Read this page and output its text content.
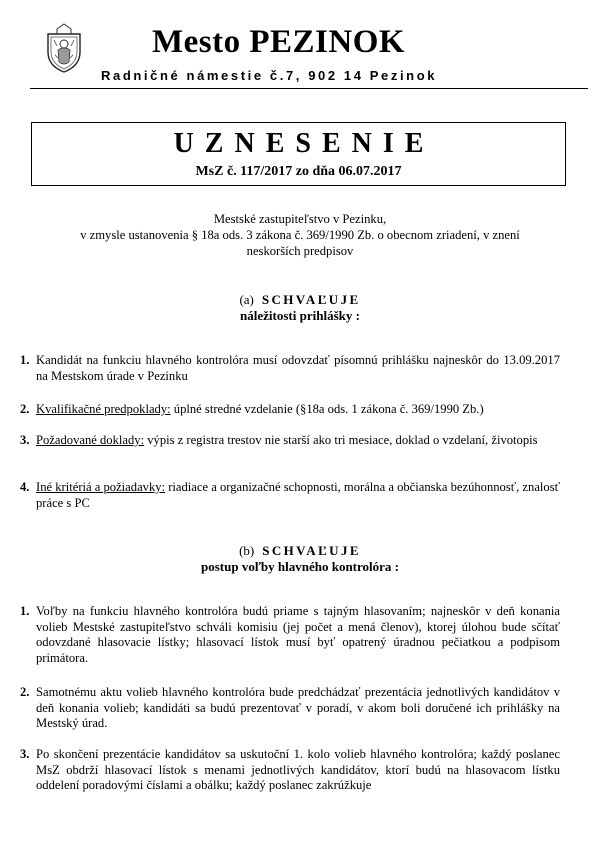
Mesto PEZINOK
Radničné námestie č.7, 902 14 Pezinok
UZNESENIE
MsZ č. 117/2017 zo dňa 06.07.2017
Mestské zastupiteľstvo v Pezinku,
v zmysle ustanovenia § 18a ods. 3 zákona č. 369/1990 Zb. o obecnom zriadení, v znení
neskorších predpisov
(a) SCHVAĽUJE
náležitosti prihlášky :
1. Kandidát na funkciu hlavného kontrolóra musí odovzdať písomnú prihlášku najneskôr do 13.09.2017 na Mestskom úrade v Pezinku
2. Kvalifikačné predpoklady: úplné stredné vzdelanie (§18a ods. 1 zákona č. 369/1990 Zb.)
3. Požadované doklady: výpis z registra trestov nie starší ako tri mesiace, doklad o vzdelaní, životopis
4. Iné kritériá a požiadavky: riadiace a organizačné schopnosti, morálna a občianska bezúhonnosť, znalosť práce s PC
(b) SCHVAĽUJE
postup voľby hlavného kontrolóra :
1. Voľby na funkciu hlavného kontrolóra budú priame s tajným hlasovaním; najneskôr v deň konania volieb Mestské zastupiteľstvo schváli komisiu (jej počet a mená členov), ktorej úlohou bude sčítať odovzdané hlasovacie lístky; hlasovací lístok musí byť opatrený úradnou pečiatkou a podpisom primátora.
2. Samotnému aktu volieb hlavného kontrolóra bude predchádzať prezentácia jednotlivých kandidátov v deň konania volieb; kandidáti sa budú prezentovať v poradí, v akom boli doručené ich prihlášky na Mestský úrad.
3. Po skončení prezentácie kandidátov sa uskutoční 1. kolo volieb hlavného kontrolóra; každý poslanec MsZ obdrží hlasovací lístok s menami jednotlivých kandidátov, ktorí budú na hlasovacom lístku oddelení poradovými číslami a obálku; každý poslanec zakrúžkuje
